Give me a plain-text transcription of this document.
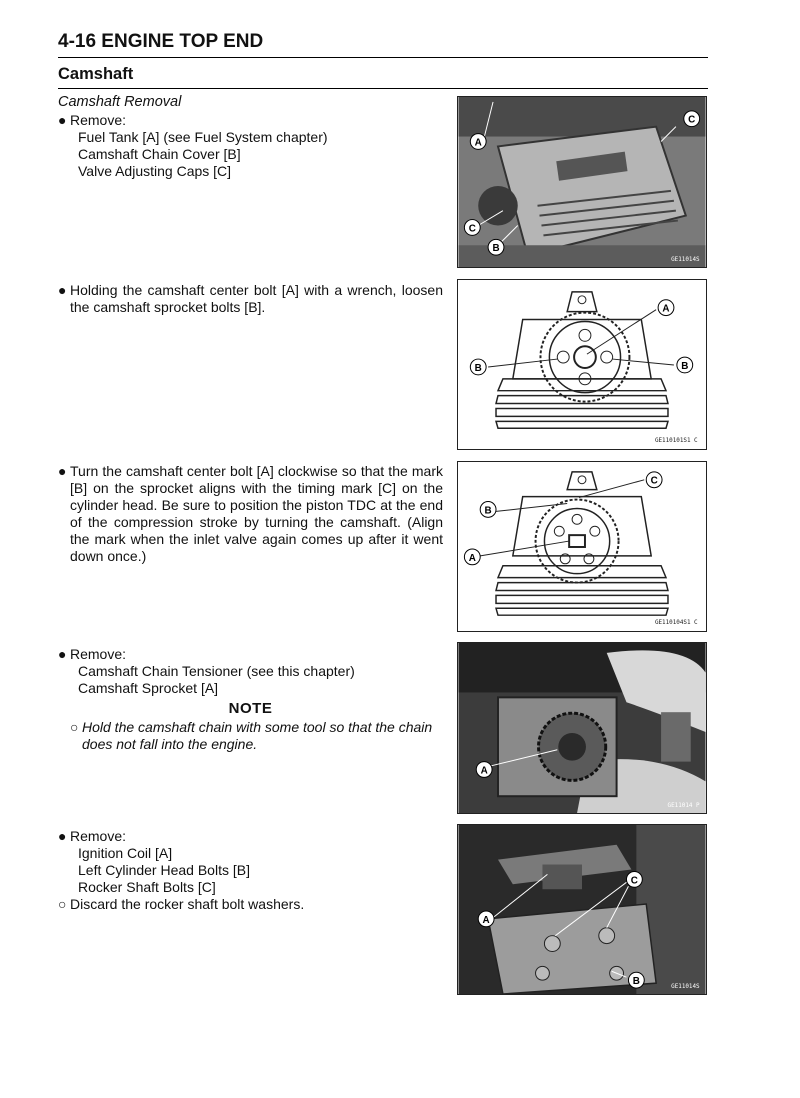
4-16 ENGINE TOP END
Camshaft
Camshaft Removal
● Remove:
Fuel Tank [A] (see Fuel System chapter)
Camshaft Chain Cover [B]
Valve Adjusting Caps [C]
● Holding the camshaft center bolt [A] with a wrench, loosen the camshaft sprocket bolts [B].
● Turn the camshaft center bolt [A] clockwise so that the mark [B] on the sprocket aligns with the timing mark [C] on the cylinder head. Be sure to position the piston TDC at the end of the compression stroke by turning the camshaft. (Align the mark when the inlet valve again comes up after it went down once.)
● Remove:
Camshaft Chain Tensioner (see this chapter)
Camshaft Sprocket [A]
NOTE
○ Hold the camshaft chain with some tool so that the chain does not fall into the engine.
● Remove:
Ignition Coil [A]
Left Cylinder Head Bolts [B]
Rocker Shaft Bolts [C]
○ Discard the rocker shaft bolt washers.
A
C
C
B
GE11014S
A
B	B
GE110101S1 C
C
B
A
GE110104S1 C
A
GE11014 P
C
A
B	GE11014S
